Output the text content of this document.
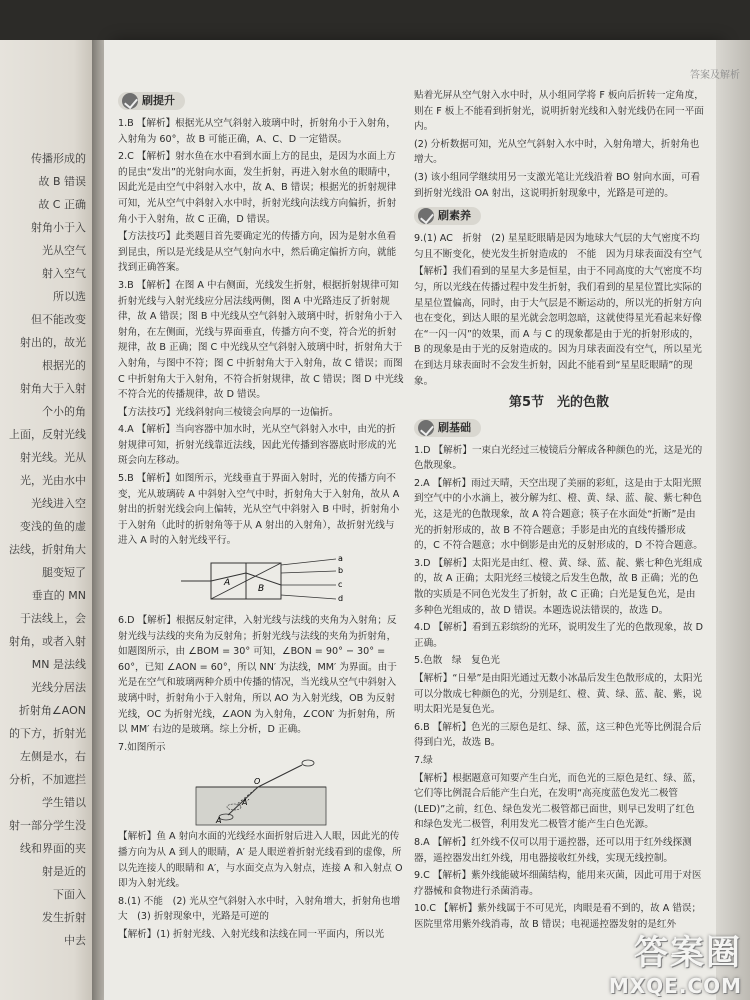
传播形成的
故 B 错误
故 C 正确
射角小于入
光从空气
射入空气
所以选
但不能改变
射出的，故光
根据光的
射角大于入射
个小的角
上面，反射光线
射光线。光从
光，光由水中
光线进入空
变浅的鱼的虚
法线，折射角大
腿变短了
垂直的 MN
于法线上，会
射角，或者入射
MN 是法线
光线分居法
折射角∠AON
的下方，折射光
左侧是水，右
分析，不加遮拦
学生错以
射一部分学生没
线和界面的夹
射是近的
下面入
发生折射
中去
答案及解析
刷提升

1.B 【解析】根据光从空气斜射入玻璃中时，折射角小于入射角，入射角为 60°，故 B 可能正确，A、C、D 一定错误。

2.C 【解析】射水鱼在水中看到水面上方的昆虫，是因为水面上方的昆虫“发出”的光射向水面，发生折射，再进入射水鱼的眼睛中，因此光是由空气中斜射入水中，故 A、B 错误；根据光的折射规律可知，光从空气中斜射入水中时，折射光线向法线方向偏折，折射角小于入射角，故 C 正确，D 错误。

【方法技巧】此类题目首先要确定光的传播方向，因为是射水鱼看到昆虫，所以是光线是从空气射向水中，然后确定偏折方向，就能找到正确答案。

3.B 【解析】在图 A 中右侧面，光线发生折射，根据折射规律可知折射光线与入射光线应分居法线两侧，图 A 中光路违反了折射规律，故 A 错误；图 B 中光线从空气斜射入玻璃中时，折射角小于入射角，在左侧面，光线与界面垂直，传播方向不变，符合光的折射规律，故 B 正确；图 C 中光线从空气斜射入玻璃中时，折射角大于入射角，与图中不符；图 C 中折射角大于入射角，故 C 错误；而图 C 中折射角大于入射角，不符合折射规律，故 C 错误；图 D 中光线不符合光的传播规律，故 D 错误。

【方法技巧】光线斜射向三棱镜会向厚的一边偏折。

4.A 【解析】当向容器中加水时，光从空气斜射入水中，由光的折射规律可知，折射光线靠近法线，因此光传播到容器底时形成的光斑会向左移动。

5.B 【解析】如图所示，光线垂直于界面入射时，光的传播方向不变，光从玻璃砖 A 中斜射入空气中时，折射角大于入射角，故从 A 射出的折射光线会向上偏转，光从空气中斜射入 B 中时，折射角小于入射角（此时的折射角等于从 A 射出的入射角），故折射光线与进入 A 时的入射光线平行。

a
b
c
d
A
B

6.D 【解析】根据反射定律，入射光线与法线的夹角为入射角；反射光线与法线的夹角为反射角；折射光线与法线的夹角为折射角，如题图所示，由 ∠BOM = 30° 可知，∠BON = 90° − 30° = 60°，已知 ∠AON = 60°，所以 NN′ 为法线，MM′ 为界面。由于光是在空气和玻璃两种介质中传播的情况，当光线从空气中斜射入玻璃中时，折射角小于入射角，所以 AO 为入射光线，OB 为反射光线，OC 为折射光线，∠AON 为入射角，∠CON′ 为折射角，所以 MM′ 右边的是玻璃。综上分析，D 正确。

7.如图所示

O
A
A′

【解析】鱼 A 射向水面的光线经水面折射后进入人眼，因此光的传播方向为从 A 到人的眼睛，A′ 是人眼逆着折射光线看到的虚像，所以先连接人的眼睛和 A′，与水面交点为入射点，连接 A 和入射点 O 即为入射光线。

8.(1) 不能　(2) 光从空气斜射入水中时，入射角增大，折射角也增大　(3) 折射现象中，光路是可逆的

【解析】(1) 折射光线、入射光线和法线在同一平面内，所以光

贴着光屏从空气射入水中时，从小组同学将 F 板向后折转一定角度，则在 F 板上不能看到折射光，说明折射光线和入射光线仍在同一平面内。

(2) 分析数据可知，光从空气斜射入水中时，入射角增大，折射角也增大。

(3) 该小组同学继续用另一支激光笔让光线沿着 BO 射向水面，可看到折射光线沿 OA 射出，这说明折射现象中，光路是可逆的。

刷素养

9.(1) AC　折射　(2) 星星眨眼睛是因为地球大气层的大气密度不均匀且不断变化，使光发生折射造成的　不能　因为月球表面没有空气

【解析】我们看到的星星大多是恒星，由于不同高度的大气密度不均匀，所以光线在传播过程中发生折射，我们看到的星星位置比实际的星星位置偏高，同时，由于大气层是不断运动的，所以光的折射方向也在变化，到达人眼的星光就会忽明忽暗，这就使得星光看起来好像在“一闪一闪”的效果，而 A 与 C 的现象都是由于光的折射形成的，B 的现象是由于光的反射造成的。因为月球表面没有空气，所以星光在到达月球表面时不会发生折射，因此不能看到“星星眨眼睛”的现象。

第5节　光的色散
刷基础

1.D 【解析】一束白光经过三棱镜后分解成各种颜色的光，这是光的色散现象。

2.A 【解析】雨过天晴，天空出现了美丽的彩虹，这是由于太阳光照到空气中的小水滴上，被分解为红、橙、黄、绿、蓝、靛、紫七种色光，这是光的色散现象，故 A 符合题意；筷子在水面处“折断”是由光的折射形成的，故 B 不符合题意；手影是由光的直线传播形成的，C 不符合题意；水中倒影是由光的反射形成的，D 不符合题意。

3.D 【解析】太阳光是由红、橙、黄、绿、蓝、靛、紫七种色光组成的，故 A 正确；太阳光经三棱镜之后发生色散，故 B 正确；光的色散的实质是不同色光发生了折射，故 C 正确；白光是复色光，是由多种色光组成的，故 D 错误。本题选说法错误的，故选 D。

4.D 【解析】看到五彩缤纷的光环，说明发生了光的色散现象，故 D 正确。

5.色散　绿　复色光

【解析】“日晕”是由阳光通过无数小冰晶后发生色散形成的，太阳光可以分散成七种颜色的光，分别是红、橙、黄、绿、蓝、靛、紫，说明太阳光是复色光。

6.B 【解析】色光的三原色是红、绿、蓝，这三种色光等比例混合后得到白光，故选 B。

7.绿

【解析】根据题意可知要产生白光，而色光的三原色是红、绿、蓝，它们等比例混合后能产生白光，在发明“高亮度蓝色发光二极管 (LED)”之前，红色、绿色发光二极管都已面世，则早已发明了红色和绿色发光二极管，利用发光二极管才能产生白色光源。

8.A 【解析】红外线不仅可以用于遥控器，还可以用于红外线探测器，遥控器发出红外线，用电器接收红外线，实现无线控制。

9.C 【解析】紫外线能破坏细菌结构，能用来灭菌，因此可用于对医疗器械和食物进行杀菌消毒。

10.C 【解析】紫外线属于不可见光，肉眼是看不到的，故 A 错误；医院里常用紫外线消毒，故 B 错误；电视遥控器发射的是红外

答案圈
MXQE.COM
